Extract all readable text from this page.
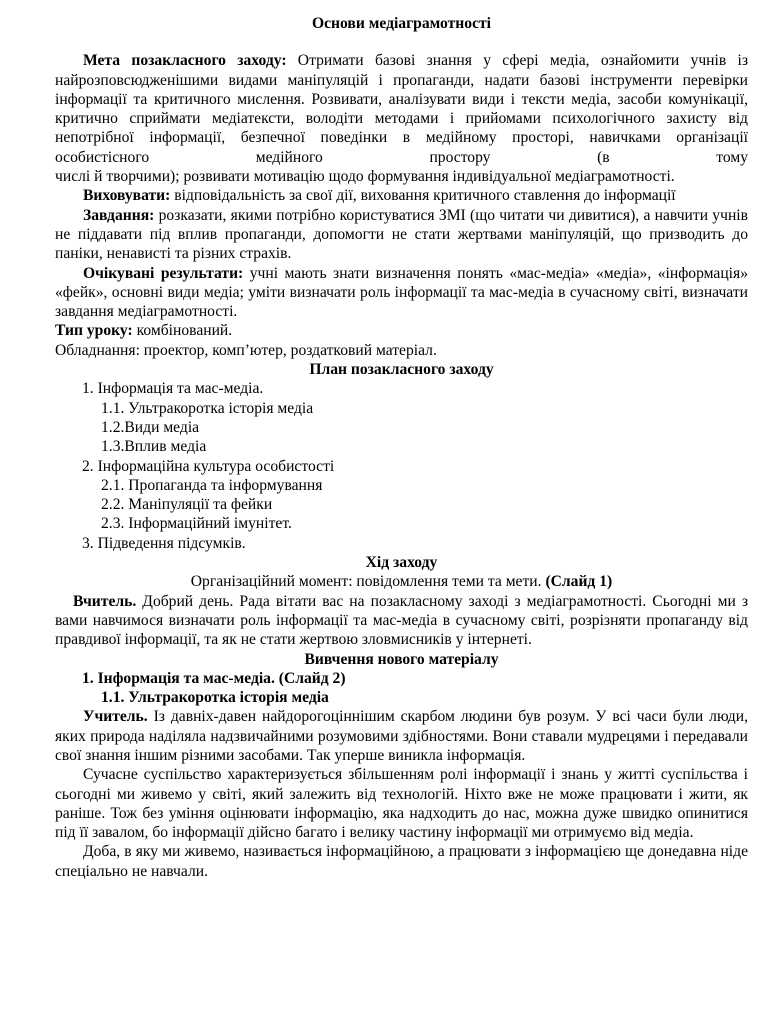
Основи медіаграмотності

Мета позакласного заходу: Отримати базові знання у сфері медіа, ознайомити учнів із найрозповсюдженішими видами маніпуляцій і пропаганди, надати базові інструменти перевірки інформації та критичного мислення. Розвивати, аналізувати види і тексти медіа, засоби комунікації, критично сприймати медіатексти, володіти методами і прийомами психологічного захисту від непотрібної інформації, безпечної поведінки в медійному просторі, навичками організації особистісного медійного простору (в тому

числі й творчими); розвивати мотивацію щодо формування індивідуальної медіаграмотності.

Виховувати: відповідальність за свої дії, виховання критичного ставлення до інформації

Завдання: розказати, якими потрібно користуватися ЗМІ (що читати чи дивитися), а навчити учнів не піддавати під вплив пропаганди, допомогти не стати жертвами маніпуляцій, що призводить до паніки, ненависті та різних страхів.

Очікувані результати: учні мають знати визначення понять «мас-медіа» «медіа», «інформація» «фейк», основні види медіа; уміти визначати роль інформації та мас-медіа в сучасному світі, визначати завдання медіаграмотності.

Тип уроку: комбінований.

Обладнання: проектор, комп’ютер, роздатковий матеріал.

План позакласного заходу

1. Інформація та мас-медіа.

1.1. Ультракоротка історія медіа

1.2.Види медіа

1.3.Вплив медіа

2. Інформаційна культура особистості

2.1. Пропаганда та інформування

2.2. Маніпуляції та фейки

2.3. Інформаційний імунітет.

3. Підведення підсумків.

Хід заходу

Організаційний момент: повідомлення теми та мети. (Слайд 1)

Вчитель. Добрий день. Рада вітати вас на позакласному заході з медіаграмотності. Сьогодні ми з вами навчимося визначати роль інформації та мас-медіа в сучасному світі, розрізняти пропаганду від правдивої інформації, та як не стати жертвою зловмисників у інтернеті.

Вивчення нового матеріалу

1. Інформація та мас-медіа. (Слайд 2)

1.1. Ультракоротка історія медіа

Учитель. Із давніх-давен найдорогоціннішим скарбом людини був розум. У всі часи були люди, яких природа наділяла надзвичайними розумовими здібностями. Вони ставали мудрецями і передавали свої знання іншим різними засобами. Так уперше виникла інформація.

Сучасне суспільство характеризується збільшенням ролі інформації і знань у житті суспільства і сьогодні ми живемо у світі, який залежить від технологій. Ніхто вже не може працювати і жити, як раніше. Тож без уміння оцінювати інформацію, яка надходить до нас, можна дуже швидко опинитися під її завалом, бо інформації дійсно багато і велику частину інформації ми отримуємо від медіа.

Доба, в яку ми живемо, називається інформаційною, а працювати з інформацією ще донедавна ніде спеціально не навчали.
